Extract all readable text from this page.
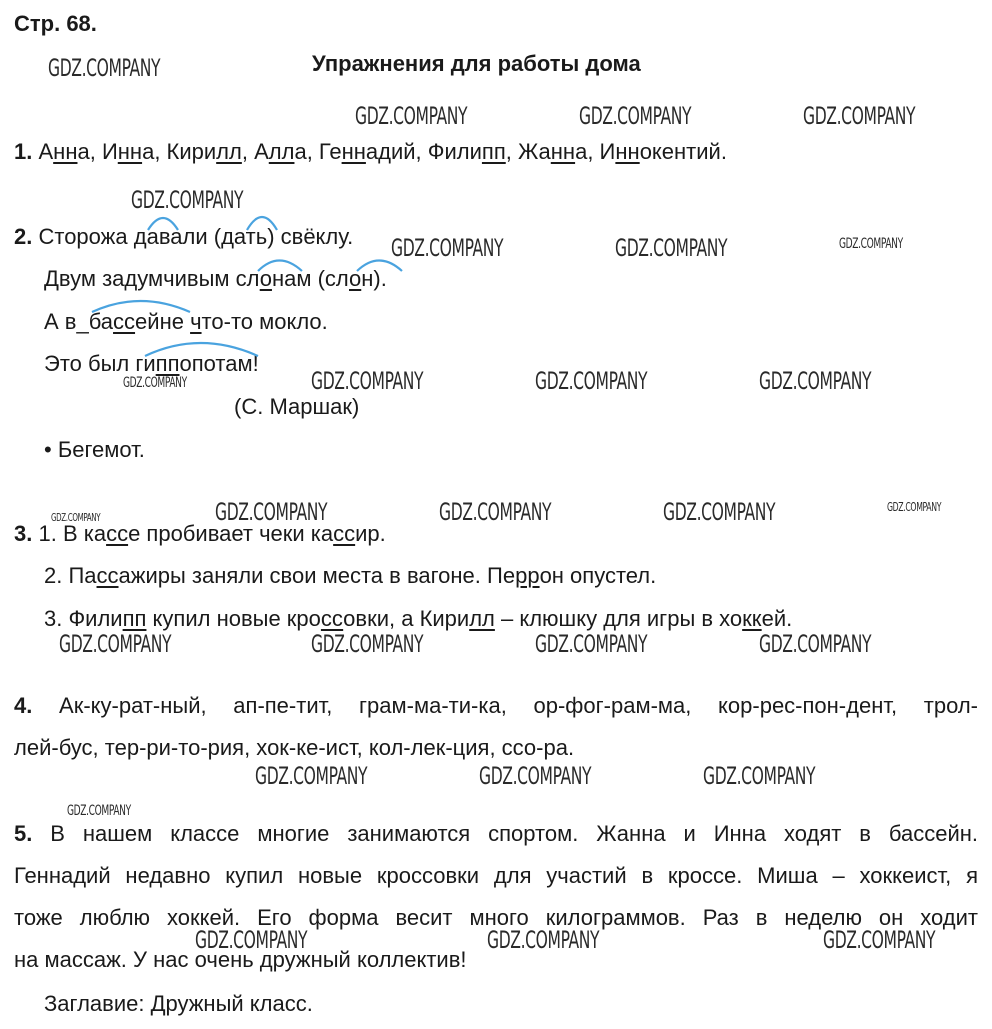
Стр. 68.
Упражнения для работы дома
1. Анна, Инна, Кирилл, Алла, Геннадий, Филипп, Жанна, Иннокентий.
2. Сторожа давали (дать) свёклу.
Двум задумчивым слонам (слон).
А в_бассейне что-то мокло.
Это был гиппопотам!
(С. Маршак)
• Бегемот.
3. 1. В кассе пробивает чеки кассир.
2. Пассажиры заняли свои места в вагоне. Перрон опустел.
3. Филипп купил новые кроссовки, а Кирилл – клюшку для игры в хоккей.
4. Ак-ку-рат-ный, ап-пе-тит, грам-ма-ти-ка, ор-фог-рам-ма, кор-рес-пон-дент, трол-
лей-бус, тер-ри-то-рия, хок-ке-ист, кол-лек-ция, ссо-ра.
5. В нашем классе многие занимаются спортом. Жанна и Инна ходят в бассейн.
Геннадий недавно купил новые кроссовки для участий в кроссе. Миша – хоккеист, я
тоже люблю хоккей. Его форма весит много килограммов. Раз в неделю он ходит
на массаж. У нас очень дружный коллектив!
Заглавие: Дружный класс.
GDZ.COMPANY
GDZ.COMPANY	GDZ.COMPANY	GDZ.COMPANY
GDZ.COMPANY
GDZ.COMPANY	GDZ.COMPANY	GDZ.COMPANY
GDZ.COMPANY	GDZ.COMPANY	GDZ.COMPANY	GDZ.COMPANY
GDZ.COMPANY	GDZ.COMPANY	GDZ.COMPANY	GDZ.COMPANY	GDZ.COMPANY
GDZ.COMPANY	GDZ.COMPANY	GDZ.COMPANY	GDZ.COMPANY
GDZ.COMPANY	GDZ.COMPANY	GDZ.COMPANY
GDZ.COMPANY
GDZ.COMPANY	GDZ.COMPANY	GDZ.COMPANY
